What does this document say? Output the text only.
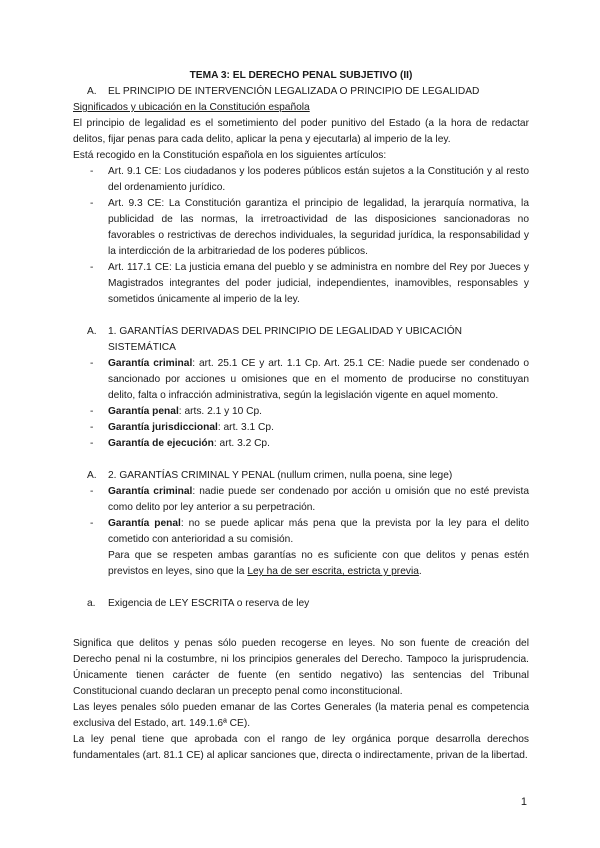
TEMA 3: EL DERECHO PENAL SUBJETIVO (II)

A.	EL PRINCIPIO DE INTERVENCIÓN LEGALIZADA O PRINCIPIO DE LEGALIDAD

Significados y ubicación en la Constitución española

El principio de legalidad es el sometimiento del poder punitivo del Estado (a la hora de redactar delitos, fijar penas para cada delito, aplicar la pena y ejecutarla) al imperio de la ley.

Está recogido en la Constitución española en los siguientes artículos:

- Art. 9.1 CE: Los ciudadanos y los poderes públicos están sujetos a la Constitución y al resto del ordenamiento jurídico.
- Art. 9.3 CE: La Constitución garantiza el principio de legalidad, la jerarquía normativa, la publicidad de las normas, la irretroactividad de las disposiciones sancionadoras no favorables o restrictivas de derechos individuales, la seguridad jurídica, la responsabilidad y la interdicción de la arbitrariedad de los poderes públicos.
- Art. 117.1 CE: La justicia emana del pueblo y se administra en nombre del Rey por Jueces y Magistrados integrantes del poder judicial, independientes, inamovibles, responsables y sometidos únicamente al imperio de la ley.
A.	1. GARANTÍAS DERIVADAS DEL PRINCIPIO DE LEGALIDAD Y UBICACIÓN SISTEMÁTICA
- Garantía criminal: art. 25.1 CE y art. 1.1 Cp. Art. 25.1 CE: Nadie puede ser condenado o sancionado por acciones u omisiones que en el momento de producirse no constituyan delito, falta o infracción administrativa, según la legislación vigente en aquel momento.
- Garantía penal: arts. 2.1 y 10 Cp.
- Garantía jurisdiccional: art. 3.1 Cp.
- Garantía de ejecución: art. 3.2 Cp.
A.	2. GARANTÍAS CRIMINAL Y PENAL (nullum crimen, nulla poena, sine lege)
- Garantía criminal: nadie puede ser condenado por acción u omisión que no esté prevista como delito por ley anterior a su perpetración.
- Garantía penal: no se puede aplicar más pena que la prevista por la ley para el delito cometido con anterioridad a su comisión.

Para que se respeten ambas garantías no es suficiente con que delitos y penas estén previstos en leyes, sino que la Ley ha de ser escrita, estricta y previa.

a.	Exigencia de LEY ESCRITA o reserva de ley

Significa que delitos y penas sólo pueden recogerse en leyes. No son fuente de creación del Derecho penal ni la costumbre, ni los principios generales del Derecho. Tampoco la jurisprudencia. Únicamente tienen carácter de fuente (en sentido negativo) las sentencias del Tribunal Constitucional cuando declaran un precepto penal como inconstitucional.

Las leyes penales sólo pueden emanar de las Cortes Generales (la materia penal es competencia exclusiva del Estado, art. 149.1.6ª CE).

La ley penal tiene que aprobada con el rango de ley orgánica porque desarrolla derechos fundamentales (art. 81.1 CE) al aplicar sanciones que, directa o indirectamente, privan de la libertad.

1
